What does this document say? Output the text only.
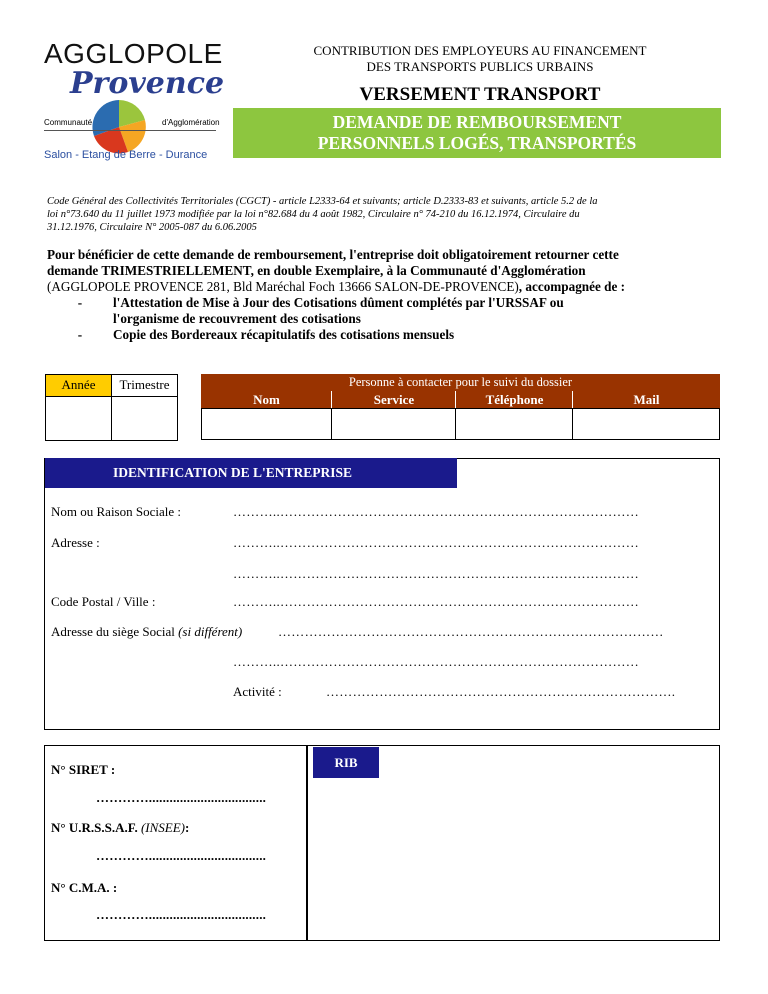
AGGLOPOLE
Provence
Communauté	d'Agglomération
Salon - Etang de Berre - Durance
CONTRIBUTION DES EMPLOYEURS AU FINANCEMENT
DES TRANSPORTS PUBLICS URBAINS
VERSEMENT TRANSPORT
DEMANDE DE REMBOURSEMENT
PERSONNELS LOGÉS, TRANSPORTÉS
Code Général des Collectivités Territoriales (CGCT) - article L2333-64 et suivants; article D.2333-83 et suivants, article 5.2 de la
loi n°73.640 du 11 juillet 1973 modifiée par la loi n°82.684 du 4 août 1982, Circulaire n° 74-210 du 16.12.1974, Circulaire du
31.12.1976, Circulaire N° 2005-087 du 6.06.2005
Pour bénéficier de cette demande de remboursement, l'entreprise doit obligatoirement retourner cette
demande TRIMESTRIELLEMENT, en double Exemplaire, à la Communauté d'Agglomération
(AGGLOPOLE PROVENCE 281, Bld Maréchal Foch 13666 SALON-DE-PROVENCE), accompagnée de :
- l'Attestation de Mise à Jour des Cotisations dûment complétés par l'URSSAF ou
l'organisme de recouvrement des cotisations
- Copie des Bordereaux récapitulatifs des cotisations mensuels
Année	Trimestre	Personne à contacter pour le suivi du dossier
Nom	Service	Téléphone	Mail
IDENTIFICATION DE L'ENTREPRISE
Nom ou Raison Sociale :	………..………………………………………………………………………
Adresse :	………..………………………………………………………………………
………..………………………………………………………………………
Code Postal / Ville :	………..………………………………………………………………………
Adresse du siège Social (si différent)	……………………………………………………………………………
………..………………………………………………………………………
Activité :	…………………………………………………………………….
N° SIRET :
…………..................................
N° U.R.S.S.A.F. (INSEE):
…………..................................
N° C.M.A. :
…………..................................
RIB
